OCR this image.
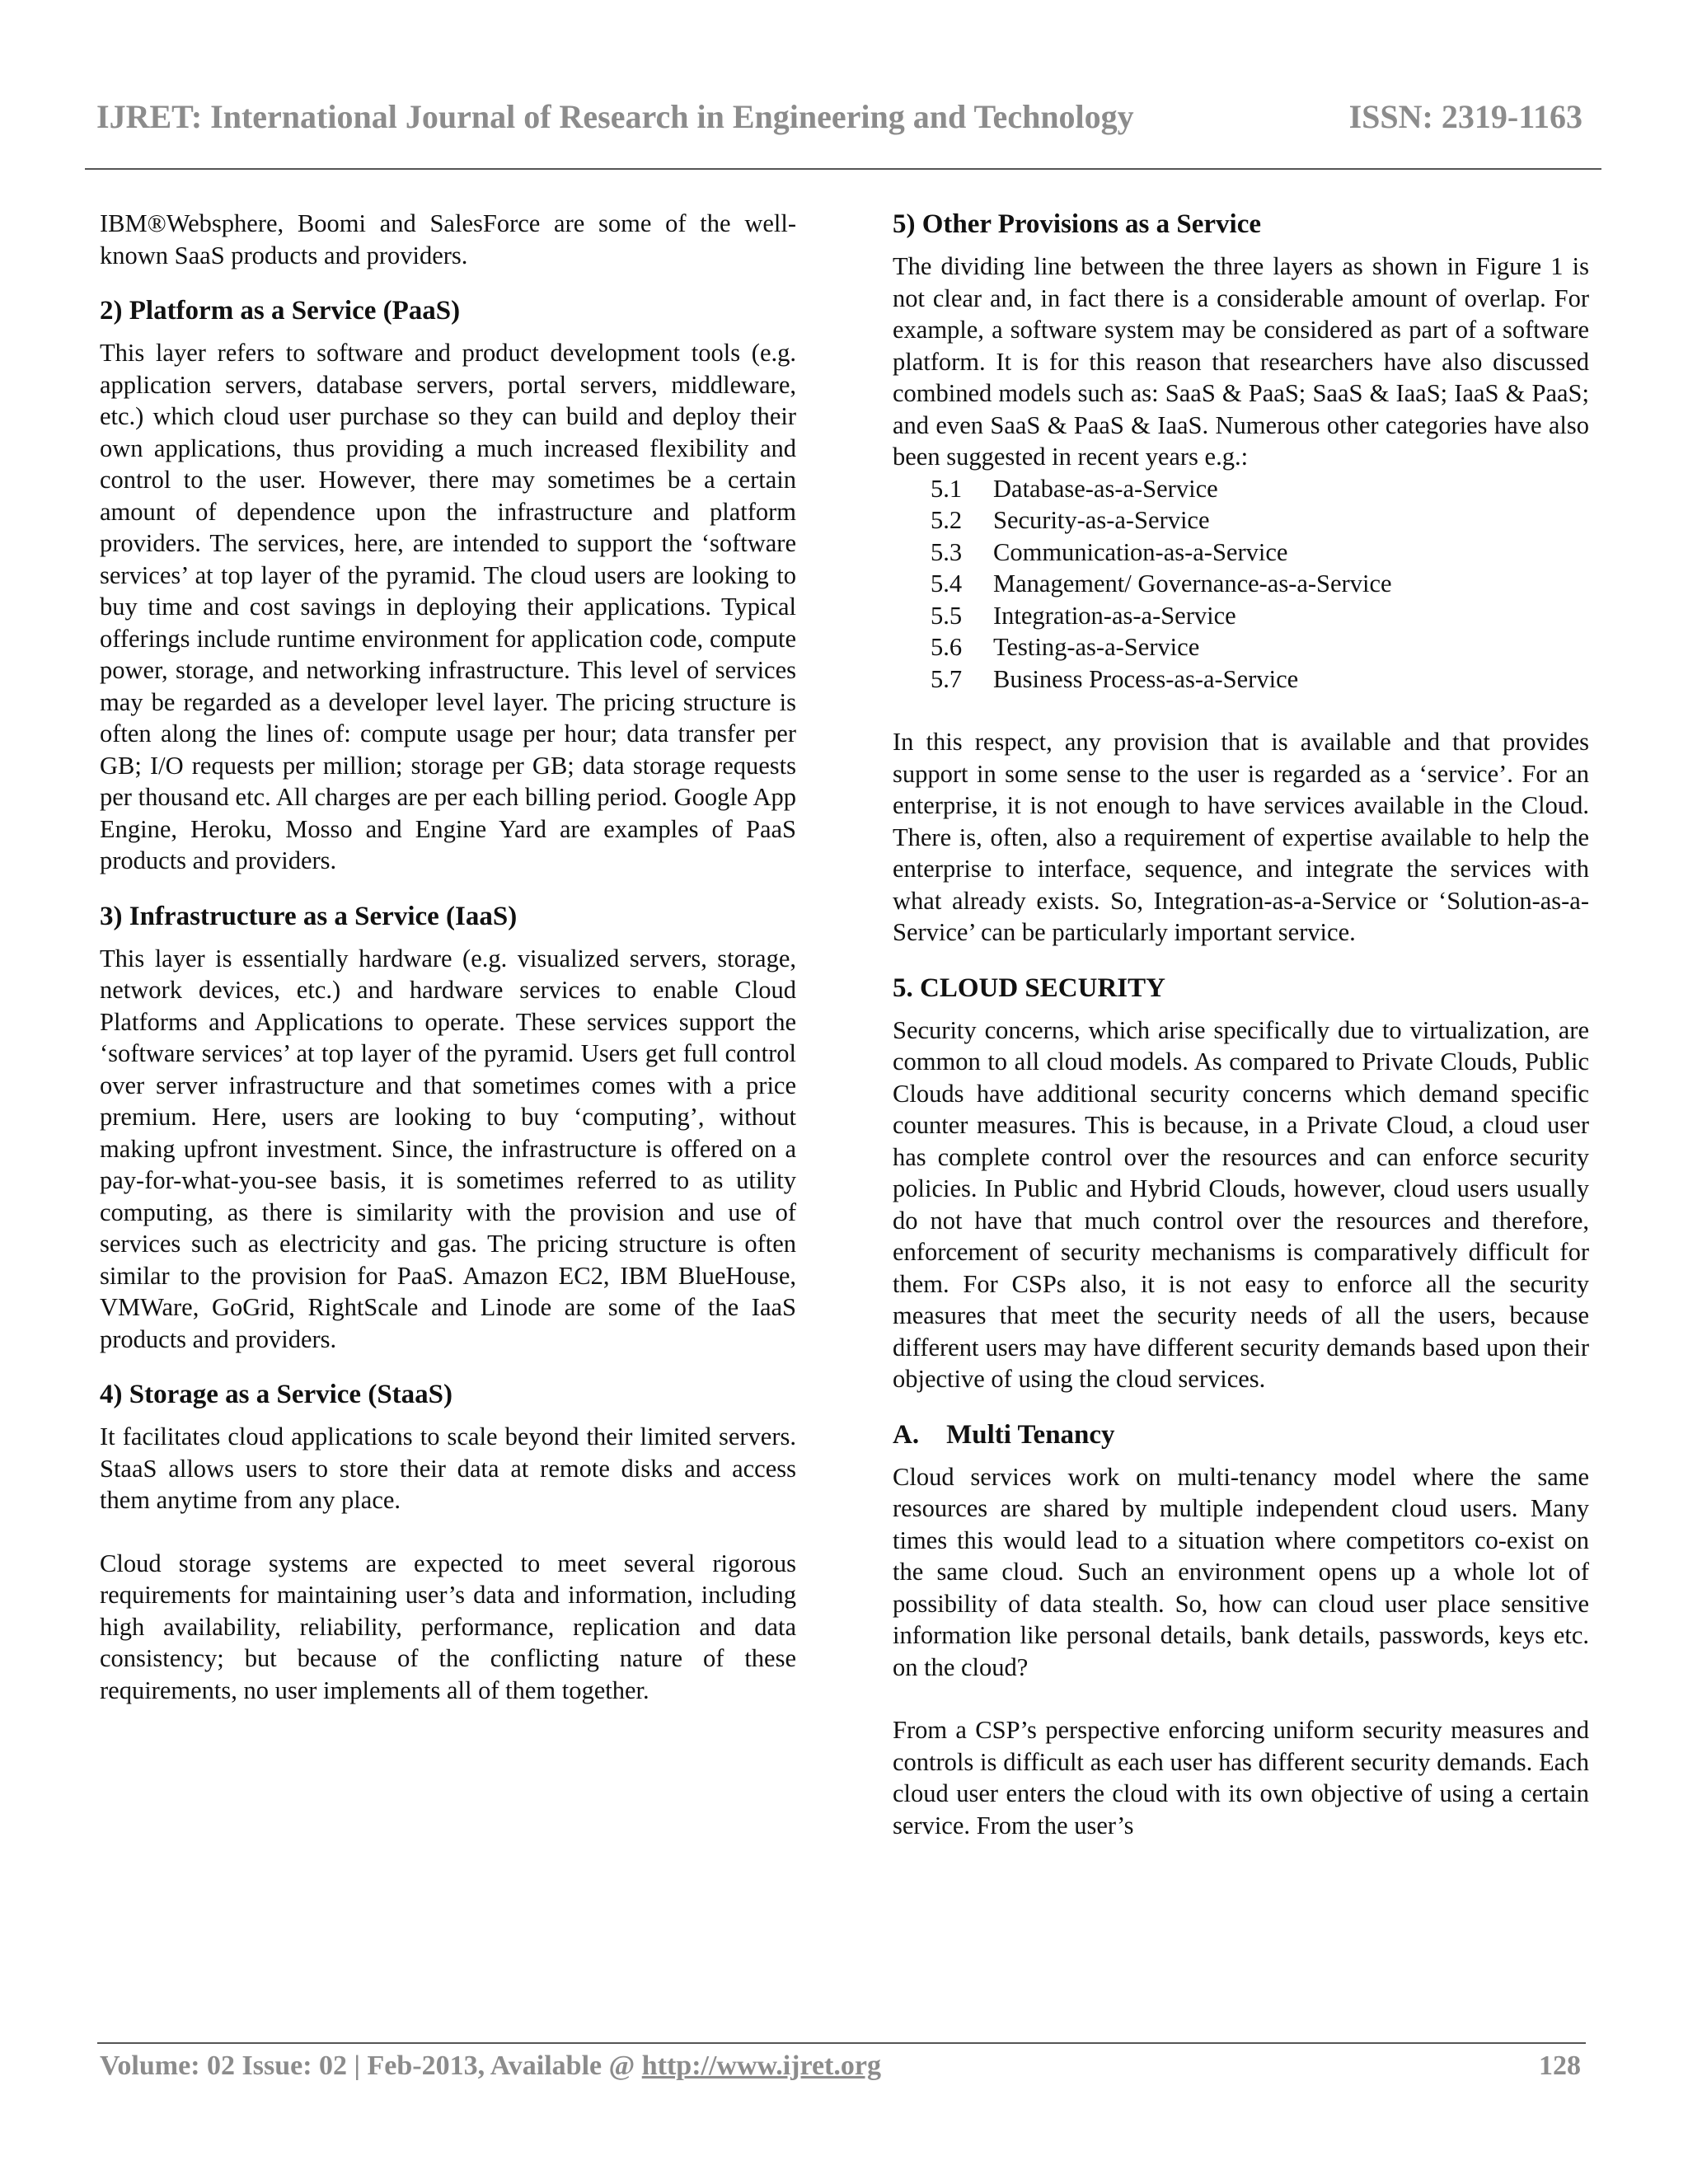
IJRET: International Journal of Research in Engineering and Technology	ISSN: 2319-1163

IBM®Websphere, Boomi and SalesForce are some of the well-known SaaS products and providers.

2) Platform as a Service (PaaS)

This layer refers to software and product development tools (e.g. application servers, database servers, portal servers, middleware, etc.) which cloud user purchase so they can build and deploy their own applications, thus providing a much increased flexibility and control to the user. However, there may sometimes be a certain amount of dependence upon the infrastructure and platform providers. The services, here, are intended to support the ‘software services’ at top layer of the pyramid. The cloud users are looking to buy time and cost savings in deploying their applications. Typical offerings include runtime environment for application code, compute power, storage, and networking infrastructure. This level of services may be regarded as a developer level layer. The pricing structure is often along the lines of: compute usage per hour; data transfer per GB; I/O requests per million; storage per GB; data storage requests per thousand etc. All charges are per each billing period. Google App Engine, Heroku, Mosso and Engine Yard are examples of PaaS products and providers.

3) Infrastructure as a Service (IaaS)

This layer is essentially hardware (e.g. visualized servers, storage, network devices, etc.) and hardware services to enable Cloud Platforms and Applications to operate. These services support the ‘software services’ at top layer of the pyramid. Users get full control over server infrastructure and that sometimes comes with a price premium. Here, users are looking to buy ‘computing’, without making upfront investment. Since, the infrastructure is offered on a pay-for-what-you-see basis, it is sometimes referred to as utility computing, as there is similarity with the provision and use of services such as electricity and gas. The pricing structure is often similar to the provision for PaaS. Amazon EC2, IBM BlueHouse, VMWare, GoGrid, RightScale and Linode are some of the IaaS products and providers.

4) Storage as a Service (StaaS)

It facilitates cloud applications to scale beyond their limited servers. StaaS allows users to store their data at remote disks and access them anytime from any place.

Cloud storage systems are expected to meet several rigorous requirements for maintaining user’s data and information, including high availability, reliability, performance, replication and data consistency; but because of the conflicting nature of these requirements, no user implements all of them together.

5) Other Provisions as a Service

The dividing line between the three layers as shown in Figure 1 is not clear and, in fact there is a considerable amount of overlap. For example, a software system may be considered as part of a software platform. It is for this reason that researchers have also discussed combined models such as: SaaS & PaaS; SaaS & IaaS; IaaS & PaaS; and even SaaS & PaaS & IaaS. Numerous other categories have also been suggested in recent years e.g.:

5.1	Database-as-a-Service
5.2	Security-as-a-Service
5.3	Communication-as-a-Service
5.4	Management/ Governance-as-a-Service
5.5	Integration-as-a-Service
5.6	Testing-as-a-Service
5.7	Business Process-as-a-Service

In this respect, any provision that is available and that provides support in some sense to the user is regarded as a ‘service’. For an enterprise, it is not enough to have services available in the Cloud. There is, often, also a requirement of expertise available to help the enterprise to interface, sequence, and integrate the services with what already exists. So, Integration-as-a-Service or ‘Solution-as-a-Service’ can be particularly important service.

5. CLOUD SECURITY

Security concerns, which arise specifically due to virtualization, are common to all cloud models. As compared to Private Clouds, Public Clouds have additional security concerns which demand specific counter measures. This is because, in a Private Cloud, a cloud user has complete control over the resources and can enforce security policies. In Public and Hybrid Clouds, however, cloud users usually do not have that much control over the resources and therefore, enforcement of security mechanisms is comparatively difficult for them. For CSPs also, it is not easy to enforce all the security measures that meet the security needs of all the users, because different users may have different security demands based upon their objective of using the cloud services.

A.    Multi Tenancy

Cloud services work on multi-tenancy model where the same resources are shared by multiple independent cloud users. Many times this would lead to a situation where competitors co-exist on the same cloud. Such an environment opens up a whole lot of possibility of data stealth. So, how can cloud user place sensitive information like personal details, bank details, passwords, keys etc. on the cloud?

From a CSP’s perspective enforcing uniform security measures and controls is difficult as each user has different security demands. Each cloud user enters the cloud with its own objective of using a certain service. From the user’s

Volume: 02 Issue: 02 | Feb-2013, Available @ http://www.ijret.org	128
